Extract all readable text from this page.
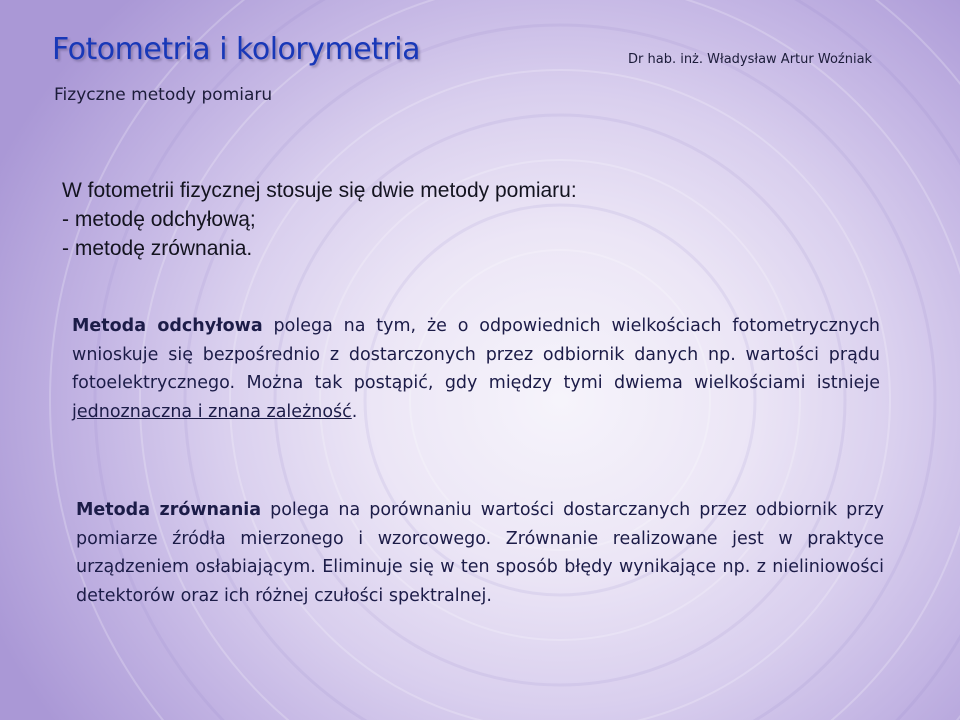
Fotometria i kolorymetria	Dr hab. inż. Władysław Artur Woźniak
Fizyczne metody pomiaru
W fotometrii fizycznej stosuje się dwie metody pomiaru:
- metodę odchyłową;
- metodę zrównania.
Metoda odchyłowa polega na tym, że o odpowiednich wielkościach fotometrycznych wnioskuje się bezpośrednio z dostarczonych przez odbiornik danych np. wartości prądu fotoelektrycznego. Można tak postąpić, gdy między tymi dwiema wielkościami istnieje jednoznaczna i znana zależność.
Metoda zrównania polega na porównaniu wartości dostarczanych przez odbiornik przy pomiarze źródła mierzonego i wzorcowego. Zrównanie realizowane jest w praktyce urządzeniem osłabiającym. Eliminuje się w ten sposób błędy wynikające np. z nieliniowości detektorów oraz ich różnej czułości spektralnej.
